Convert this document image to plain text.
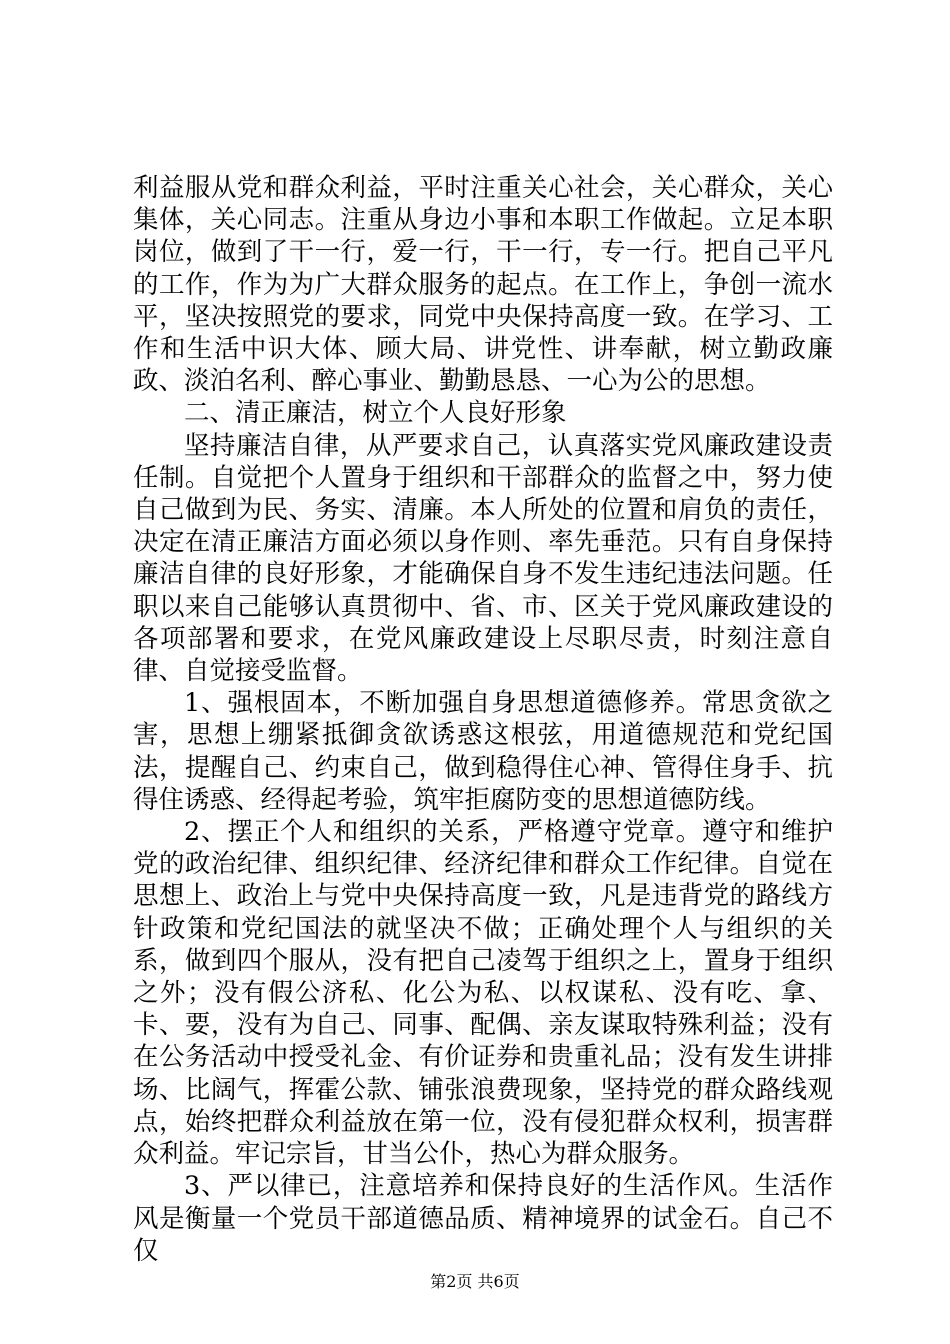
利益服从党和群众利益，平时注重关心社会，关心群众，关心集体，关心同志。注重从身边小事和本职工作做起。立足本职岗位，做到了干一行，爱一行，干一行，专一行。把自己平凡的工作，作为为广大群众服务的起点。在工作上，争创一流水平，坚决按照党的要求，同党中央保持高度一致。在学习、工作和生活中识大体、顾大局、讲党性、讲奉献，树立勤政廉政、淡泊名利、醉心事业、勤勤恳恳、一心为公的思想。

二、清正廉洁，树立个人良好形象

坚持廉洁自律，从严要求自己，认真落实党风廉政建设责任制。自觉把个人置身于组织和干部群众的监督之中，努力使自己做到为民、务实、清廉。本人所处的位置和肩负的责任，决定在清正廉洁方面必须以身作则、率先垂范。只有自身保持廉洁自律的良好形象，才能确保自身不发生违纪违法问题。任职以来自己能够认真贯彻中、省、市、区关于党风廉政建设的各项部署和要求，在党风廉政建设上尽职尽责，时刻注意自律、自觉接受监督。

1、强根固本，不断加强自身思想道德修养。常思贪欲之害，思想上绷紧抵御贪欲诱惑这根弦，用道德规范和党纪国法，提醒自己、约束自己，做到稳得住心神、管得住身手、抗得住诱惑、经得起考验，筑牢拒腐防变的思想道德防线。

2、摆正个人和组织的关系，严格遵守党章。遵守和维护党的政治纪律、组织纪律、经济纪律和群众工作纪律。自觉在思想上、政治上与党中央保持高度一致，凡是违背党的路线方针政策和党纪国法的就坚决不做；正确处理个人与组织的关系，做到四个服从，没有把自己凌驾于组织之上，置身于组织之外；没有假公济私、化公为私、以权谋私、没有吃、拿、卡、要，没有为自己、同事、配偶、亲友谋取特殊利益；没有在公务活动中授受礼金、有价证券和贵重礼品；没有发生讲排场、比阔气，挥霍公款、铺张浪费现象，坚持党的群众路线观点，始终把群众利益放在第一位，没有侵犯群众权利，损害群众利益。牢记宗旨，甘当公仆，热心为群众服务。

3、严以律已，注意培养和保持良好的生活作风。生活作风是衡量一个党员干部道德品质、精神境界的试金石。自己不仅

第2页 共6页
